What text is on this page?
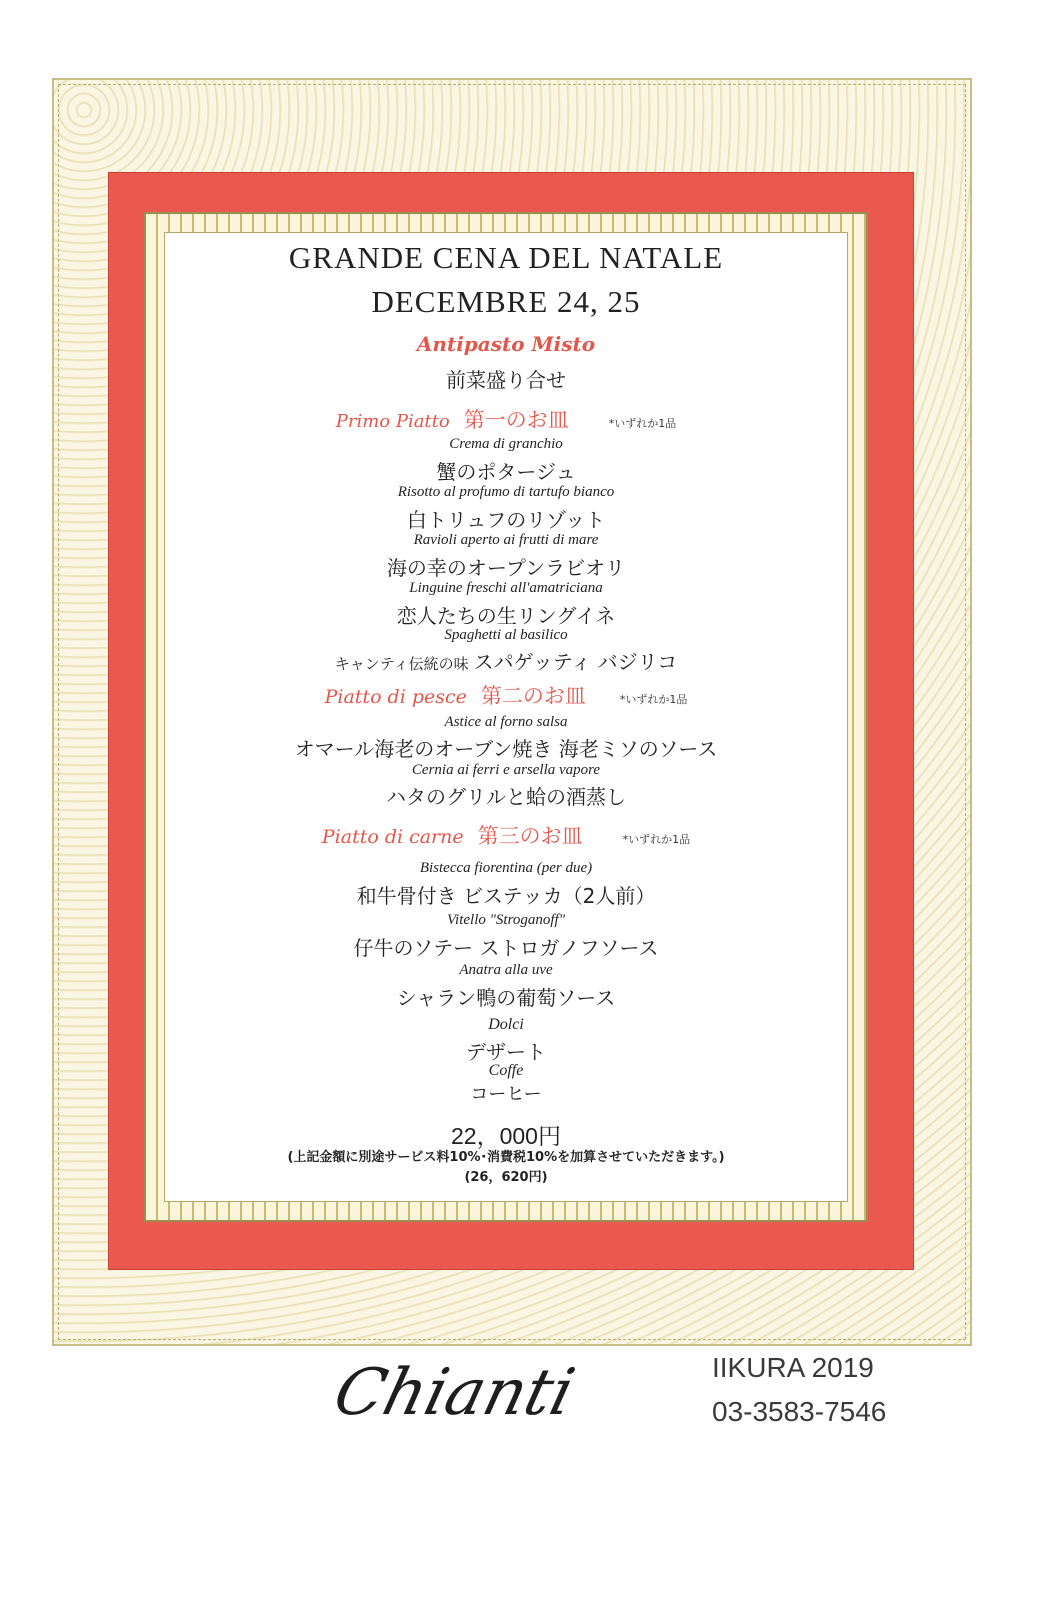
GRANDE CENA DEL NATALE
DECEMBRE 24, 25
Antipasto Misto
前菜盛り合せ
Primo Piatto 第一のお皿	*いずれか1品
Crema di granchio
蟹のポタージュ
Risotto al profumo di tartufo bianco
白トリュフのリゾット
Ravioli aperto ai frutti di mare
海の幸のオープンラビオリ
Linguine freschi all'amatriciana
恋人たちの生リングイネ
Spaghetti al basilico
キャンティ伝統の味 スパゲッティ バジリコ
Piatto di pesce 第二のお皿	*いずれか1品
Astice al forno salsa
オマール海老のオーブン焼き 海老ミソのソース
Cernia ai ferri e arsella vapore
ハタのグリルと蛤の酒蒸し
Piatto di carne 第三のお皿	*いずれか1品
Bistecca fiorentina (per due)
和牛骨付き ビステッカ（2人前）
Vitello "Stroganoff"
仔牛のソテー ストロガノフソース
Anatra alla uve
シャラン鴨の葡萄ソース
Dolci
デザート
Coffe
コーヒー
22，000円
(上記金額に別途サービス料10%･消費税10%を加算させていただきます。)
(26，620円)
Chianti	IIKURA 2019
03-3583-7546
